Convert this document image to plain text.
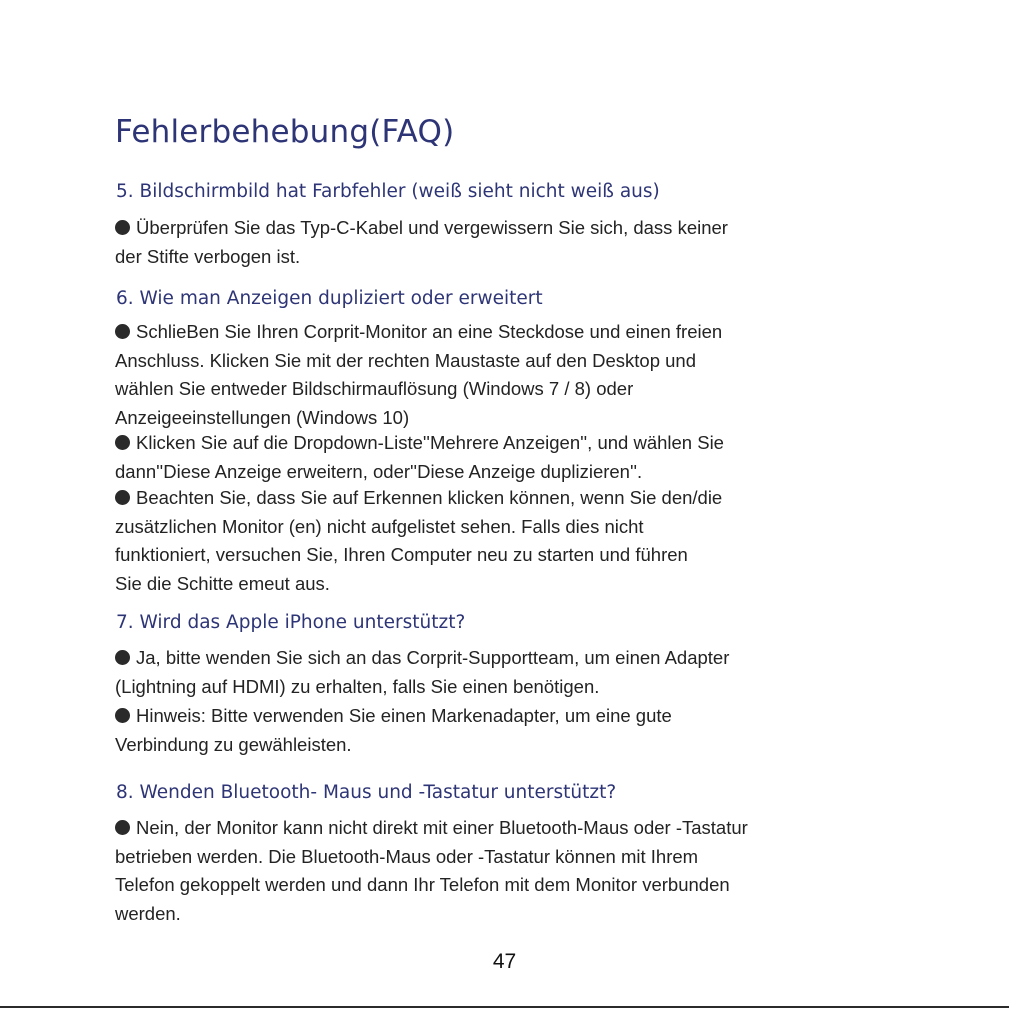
Fehlerbehebung(FAQ)
5. Bildschirmbild hat Farbfehler (weiß sieht nicht weiß aus)

Überprüfen Sie das Typ-C-Kabel und vergewissern Sie sich, dass keiner
der Stifte verbogen ist.

6. Wie man Anzeigen dupliziert oder erweitert

SchlieBen Sie Ihren Corprit-Monitor an eine Steckdose und einen freien
Anschluss. Klicken Sie mit der rechten Maustaste auf den Desktop und
wählen Sie entweder Bildschirmauflösung (Windows 7 / 8) oder
Anzeigeeinstellungen (Windows 10)

Klicken Sie auf die Dropdown-Liste''Mehrere Anzeigen'', und wählen Sie
dann''Diese Anzeige erweitern, oder''Diese Anzeige duplizieren''.

Beachten Sie, dass Sie auf Erkennen klicken können, wenn Sie den/die
zusätzlichen Monitor (en) nicht aufgelistet sehen. Falls dies nicht
funktioniert, versuchen Sie, Ihren Computer neu zu starten und führen
Sie die Schitte emeut aus.

7. Wird das Apple iPhone unterstützt?

Ja, bitte wenden Sie sich an das Corprit-Supportteam, um einen Adapter
(Lightning auf HDMI) zu erhalten, falls Sie einen benötigen.

Hinweis: Bitte verwenden Sie einen Markenadapter, um eine gute
Verbindung zu gewähleisten.

8. Wenden Bluetooth- Maus und -Tastatur unterstützt?

Nein, der Monitor kann nicht direkt mit einer Bluetooth-Maus oder -Tastatur
betrieben werden. Die Bluetooth-Maus oder -Tastatur können mit Ihrem
Telefon gekoppelt werden und dann Ihr Telefon mit dem Monitor verbunden
werden.

47
